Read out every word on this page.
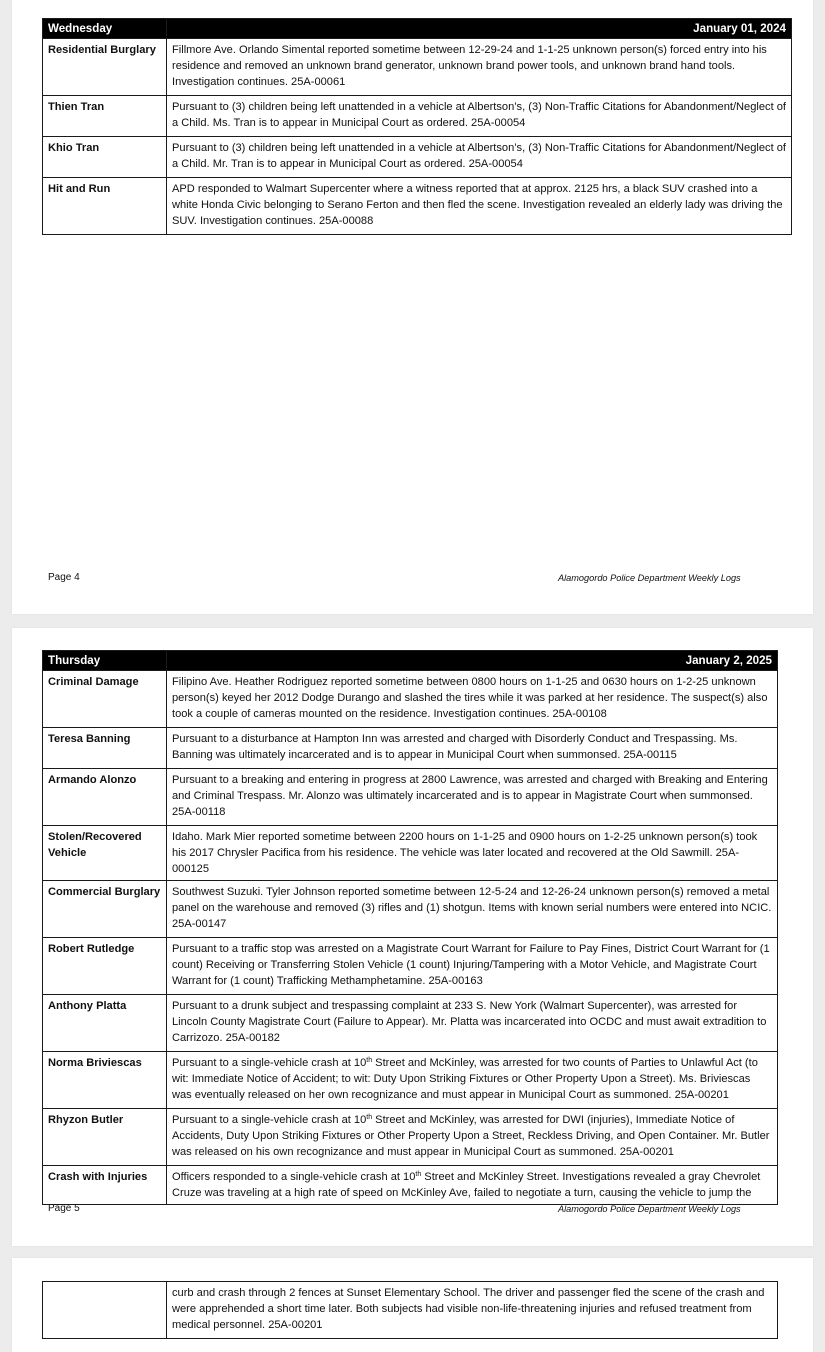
Wednesday	January 01, 2024
Residential Burglary	Fillmore Ave. Orlando Simental reported sometime between 12-29-24 and 1-1-25 unknown person(s) forced entry into his residence and removed an unknown brand generator, unknown brand power tools, and unknown brand hand tools. Investigation continues. 25A-00061
Thien Tran	Pursuant to (3) children being left unattended in a vehicle at Albertson’s, (3) Non-Traffic Citations for Abandonment/Neglect of a Child. Ms. Tran is to appear in Municipal Court as ordered. 25A-00054
Khio Tran	Pursuant to (3) children being left unattended in a vehicle at Albertson’s, (3) Non-Traffic Citations for Abandonment/Neglect of a Child. Mr. Tran is to appear in Municipal Court as ordered. 25A-00054
Hit and Run	APD responded to Walmart Supercenter where a witness reported that at approx. 2125 hrs, a black SUV crashed into a white Honda Civic belonging to Serano Ferton and then fled the scene. Investigation revealed an elderly lady was driving the SUV. Investigation continues. 25A-00088
Page 4	Alamogordo Police Department Weekly Logs
Thursday	January 2, 2025
Criminal Damage	Filipino Ave. Heather Rodriguez reported sometime between 0800 hours on 1-1-25 and 0630 hours on 1-2-25 unknown person(s) keyed her 2012 Dodge Durango and slashed the tires while it was parked at her residence. The suspect(s) also took a couple of cameras mounted on the residence. Investigation continues. 25A-00108
Teresa Banning	Pursuant to a disturbance at Hampton Inn was arrested and charged with Disorderly Conduct and Trespassing. Ms. Banning was ultimately incarcerated and is to appear in Municipal Court when summonsed. 25A-00115
Armando Alonzo	Pursuant to a breaking and entering in progress at 2800 Lawrence, was arrested and charged with Breaking and Entering and Criminal Trespass. Mr. Alonzo was ultimately incarcerated and is to appear in Magistrate Court when summonsed. 25A-00118
Stolen/Recovered Vehicle	Idaho. Mark Mier reported sometime between 2200 hours on 1-1-25 and 0900 hours on 1-2-25 unknown person(s) took his 2017 Chrysler Pacifica from his residence. The vehicle was later located and recovered at the Old Sawmill. 25A-000125
Commercial Burglary	Southwest Suzuki. Tyler Johnson reported sometime between 12-5-24 and 12-26-24 unknown person(s) removed a metal panel on the warehouse and removed (3) rifles and (1) shotgun. Items with known serial numbers were entered into NCIC. 25A-00147
Robert Rutledge	Pursuant to a traffic stop was arrested on a Magistrate Court Warrant for Failure to Pay Fines, District Court Warrant for (1 count) Receiving or Transferring Stolen Vehicle (1 count) Injuring/Tampering with a Motor Vehicle, and Magistrate Court Warrant for (1 count) Trafficking Methamphetamine. 25A-00163
Anthony Platta	Pursuant to a drunk subject and trespassing complaint at 233 S. New York (Walmart Supercenter), was arrested for Lincoln County Magistrate Court (Failure to Appear). Mr. Platta was incarcerated into OCDC and must await extradition to Carrizozo. 25A-00182
Norma Briviescas	Pursuant to a single-vehicle crash at 10th Street and McKinley, was arrested for two counts of Parties to Unlawful Act (to wit: Immediate Notice of Accident; to wit: Duty Upon Striking Fixtures or Other Property Upon a Street). Ms. Briviescas was eventually released on her own recognizance and must appear in Municipal Court as summoned. 25A-00201
Rhyzon Butler	Pursuant to a single-vehicle crash at 10th Street and McKinley, was arrested for DWI (injuries), Immediate Notice of Accidents, Duty Upon Striking Fixtures or Other Property Upon a Street, Reckless Driving, and Open Container. Mr. Butler was released on his own recognizance and must appear in Municipal Court as summoned. 25A-00201
Crash with Injuries	Officers responded to a single-vehicle crash at 10th Street and McKinley Street. Investigations revealed a gray Chevrolet Cruze was traveling at a high rate of speed on McKinley Ave, failed to negotiate a turn, causing the vehicle to jump the
Page 5	Alamogordo Police Department Weekly Logs
	curb and crash through 2 fences at Sunset Elementary School. The driver and passenger fled the scene of the crash and were apprehended a short time later. Both subjects had visible non-life-threatening injuries and refused treatment from medical personnel. 25A-00201
